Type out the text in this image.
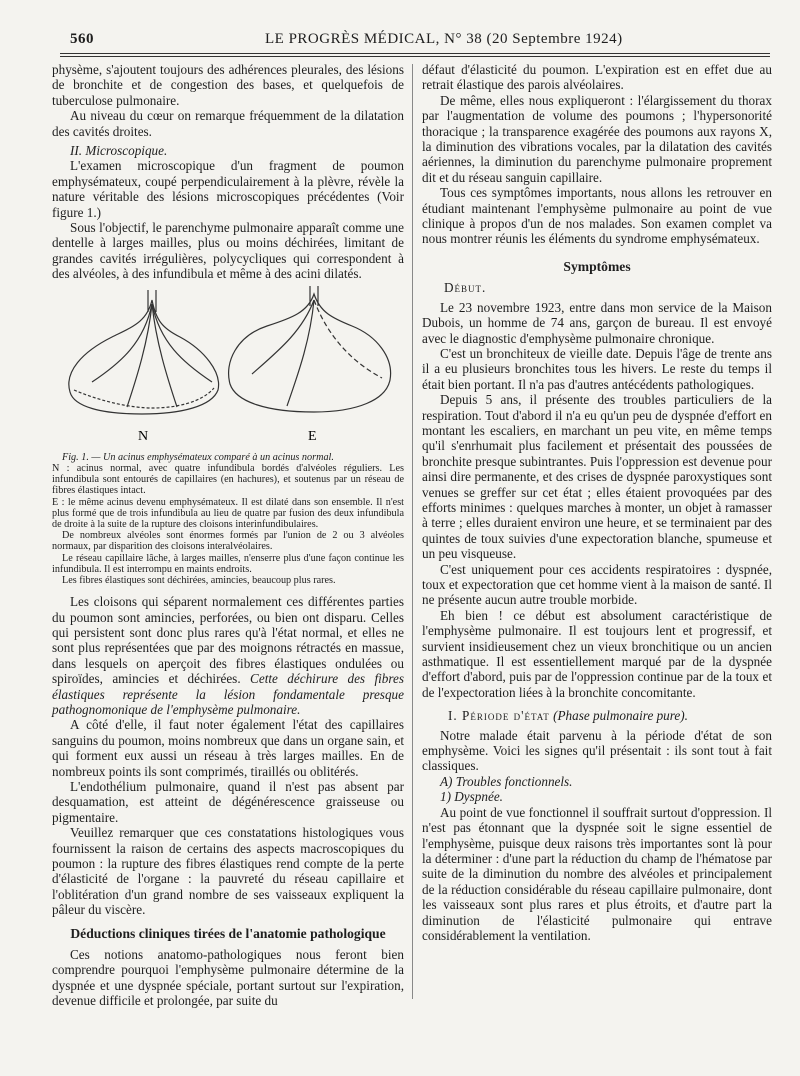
560	LE PROGRÈS MÉDICAL, N° 38 (20 Septembre 1924)

physème, s'ajoutent toujours des adhérences pleurales, des lésions de bronchite et de congestion des bases, et quelquefois de tuberculose pulmonaire.

Au niveau du cœur on remarque fréquemment de la dilatation des cavités droites.

II. Microscopique.

L'examen microscopique d'un fragment de poumon emphysémateux, coupé perpendiculairement à la plèvre, révèle la nature véritable des lésions microscopiques précédentes (Voir figure 1.)

Sous l'objectif, le parenchyme pulmonaire apparaît comme une dentelle à larges mailles, plus ou moins déchirées, limitant de grandes cavités irrégulières, polycycliques qui correspondent à des alvéoles, à des infundibula et même à des acini dilatés.

N	E

Fig. 1. — Un acinus emphysémateux comparé à un acinus normal.

N : acinus normal, avec quatre infundibula bordés d'alvéoles réguliers. Les infundibula sont entourés de capillaires (en hachures), et soutenus par un réseau de fibres élastiques intact.

E : le même acinus devenu emphysémateux. Il est dilaté dans son ensemble. Il n'est plus formé que de trois infundibula au lieu de quatre par fusion des deux infundibula de droite à la suite de la rupture des cloisons interinfundibulaires.

De nombreux alvéoles sont énormes formés par l'union de 2 ou 3 alvéoles normaux, par disparition des cloisons interalvéolaires.

Le réseau capillaire lâche, à larges mailles, n'enserre plus d'une façon continue les infundibula. Il est interrompu en maints endroits.

Les fibres élastiques sont déchirées, amincies, beaucoup plus rares.

Les cloisons qui séparent normalement ces différentes parties du poumon sont amincies, perforées, ou bien ont disparu. Celles qui persistent sont donc plus rares qu'à l'état normal, et elles ne sont plus représentées que par des moignons rétractés en massue, dans lesquels on aperçoit des fibres élastiques ondulées ou spiroïdes, amincies et déchirées. Cette déchirure des fibres élastiques représente la lésion fondamentale presque pathognomonique de l'emphysème pulmonaire.

A côté d'elle, il faut noter également l'état des capillaires sanguins du poumon, moins nombreux que dans un organe sain, et qui forment eux aussi un réseau à très larges mailles. En de nombreux points ils sont comprimés, tiraillés ou oblitérés.

L'endothélium pulmonaire, quand il n'est pas absent par desquamation, est atteint de dégénérescence graisseuse ou pigmentaire.

Veuillez remarquer que ces constatations histologiques vous fournissent la raison de certains des aspects macroscopiques du poumon : la rupture des fibres élastiques rend compte de la perte d'élasticité de l'organe : la pauvreté du réseau capillaire et l'oblitération d'un grand nombre de ses vaisseaux expliquent la pâleur du viscère.

Déductions cliniques tirées de l'anatomie pathologique

Ces notions anatomo-pathologiques nous feront bien comprendre pourquoi l'emphysème pulmonaire détermine de la dyspnée et une dyspnée spéciale, portant surtout sur l'expiration, devenue difficile et prolongée, par suite du

défaut d'élasticité du poumon. L'expiration est en effet due au retrait élastique des parois alvéolaires.

De même, elles nous expliqueront : l'élargissement du thorax par l'augmentation de volume des poumons ; l'hypersonorité thoracique ; la transparence exagérée des poumons aux rayons X, la diminution des vibrations vocales, par la dilatation des cavités aériennes, la diminution du parenchyme pulmonaire proprement dit et du réseau sanguin capillaire.

Tous ces symptômes importants, nous allons les retrouver en étudiant maintenant l'emphysème pulmonaire au point de vue clinique à propos d'un de nos malades. Son examen complet va nous montrer réunis les éléments du syndrome emphysémateux.

Symptômes

Début.

Le 23 novembre 1923, entre dans mon service de la Maison Dubois, un homme de 74 ans, garçon de bureau. Il est envoyé avec le diagnostic d'emphysème pulmonaire chronique.

C'est un bronchiteux de vieille date. Depuis l'âge de trente ans il a eu plusieurs bronchites tous les hivers. Le reste du temps il était bien portant. Il n'a pas d'autres antécédents pathologiques.

Depuis 5 ans, il présente des troubles particuliers de la respiration. Tout d'abord il n'a eu qu'un peu de dyspnée d'effort en montant les escaliers, en marchant un peu vite, en même temps qu'il s'enrhumait plus facilement et présentait des poussées de bronchite presque subintrantes. Puis l'oppression est devenue pour ainsi dire permanente, et des crises de dyspnée paroxystiques sont venues se greffer sur cet état ; elles étaient provoquées par des efforts minimes : quelques marches à monter, un objet à ramasser à terre ; elles duraient environ une heure, et se terminaient par des quintes de toux suivies d'une expectoration blanche, spumeuse et un peu visqueuse.

C'est uniquement pour ces accidents respiratoires : dyspnée, toux et expectoration que cet homme vient à la maison de santé. Il ne présente aucun autre trouble morbide.

Eh bien ! ce début est absolument caractéristique de l'emphysème pulmonaire. Il est toujours lent et progressif, et survient insidieusement chez un vieux bronchitique ou un ancien asthmatique. Il est essentiellement marqué par de la dyspnée d'effort d'abord, puis par de l'oppression continue par de la toux et de l'expectoration liées à la bronchite concomitante.

I. Période d'état (Phase pulmonaire pure).

Notre malade était parvenu à la période d'état de son emphysème. Voici les signes qu'il présentait : ils sont tout à fait classiques.

A) Troubles fonctionnels.

1) Dyspnée.

Au point de vue fonctionnel il souffrait surtout d'oppression. Il n'est pas étonnant que la dyspnée soit le signe essentiel de l'emphysème, puisque deux raisons très importantes sont là pour la déterminer : d'une part la réduction du champ de l'hématose par suite de la diminution du nombre des alvéoles et principalement de la réduction considérable du réseau capillaire pulmonaire, dont les vaisseaux sont plus rares et plus étroits, et d'autre part la diminution de l'élasticité pulmonaire qui entrave considérablement la ventilation.
